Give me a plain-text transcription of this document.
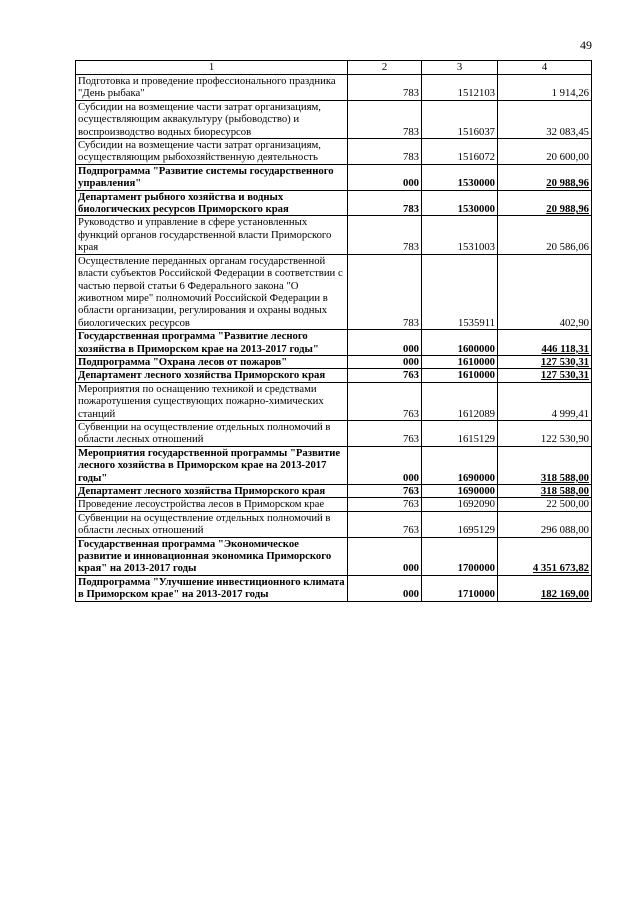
49
1	2	3	4
Подготовка и проведение профессионального праздника "День рыбака"	783	1512103	1 914,26
Субсидии на возмещение части затрат организациям, осуществляющим аквакультуру (рыбоводство) и воспроизводство водных биоресурсов	783	1516037	32 083,45
Субсидии на возмещение части затрат организациям, осуществляющим рыбохозяйственную деятельность	783	1516072	20 600,00
Подпрограмма "Развитие системы государственного управления"	000	1530000	20 988,96
Департамент рыбного хозяйства и водных биологических ресурсов Приморского края	783	1530000	20 988,96
Руководство и управление в сфере установленных функций органов государственной власти Приморского края	783	1531003	20 586,06
Осуществление переданных органам государственной власти субъектов Российской Федерации в соответствии с частью первой статьи 6 Федерального закона "О животном мире" полномочий Российской Федерации в области организации, регулирования и охраны водных биологических ресурсов	783	1535911	402,90
Государственная программа "Развитие лесного хозяйства в Приморском крае на 2013-2017 годы"	000	1600000	446 118,31
Подпрограмма "Охрана лесов от пожаров"	000	1610000	127 530,31
Департамент лесного хозяйства Приморского края	763	1610000	127 530,31
Мероприятия по оснащению техникой и средствами пожаротушения существующих пожарно-химических станций	763	1612089	4 999,41
Субвенции на осуществление отдельных полномочий в области лесных отношений	763	1615129	122 530,90
Мероприятия государственной программы "Развитие лесного хозяйства в Приморском крае на 2013-2017 годы"	000	1690000	318 588,00
Департамент лесного хозяйства Приморского края	763	1690000	318 588,00
Проведение лесоустройства лесов в Приморском крае	763	1692090	22 500,00
Субвенции на осуществление отдельных полномочий в области лесных отношений	763	1695129	296 088,00
Государственная программа "Экономическое развитие и инновационная экономика Приморского края" на 2013-2017 годы	000	1700000	4 351 673,82
Подпрограмма "Улучшение инвестиционного климата в Приморском крае" на 2013-2017 годы	000	1710000	182 169,00
